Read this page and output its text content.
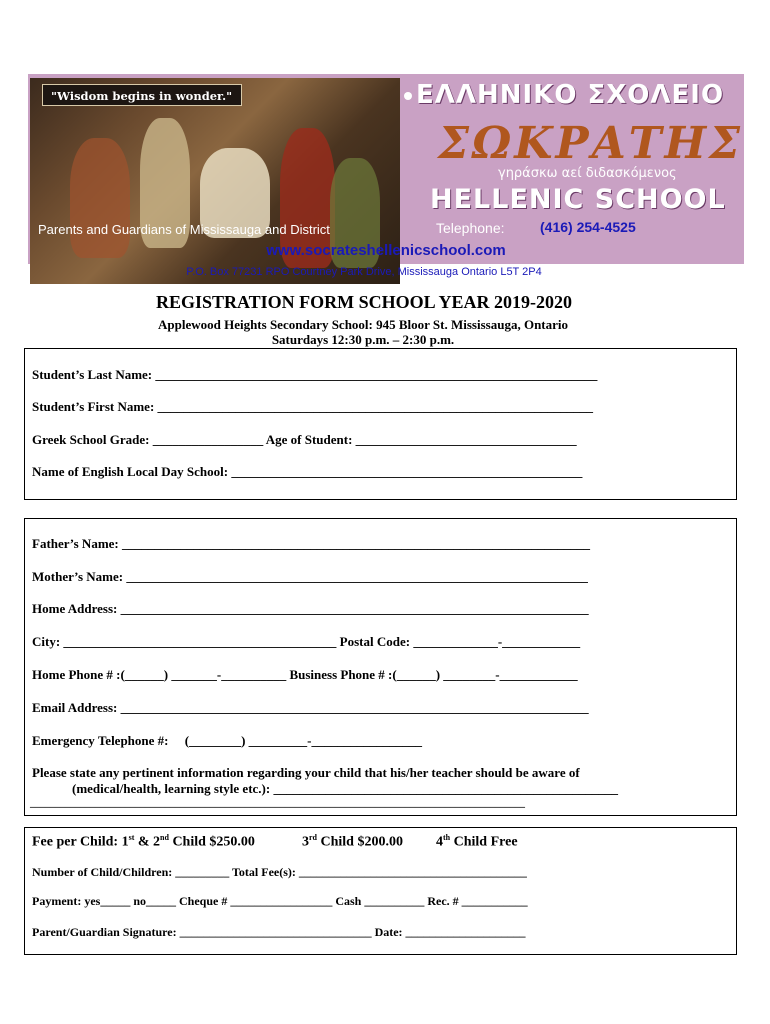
"Wisdom begins in wonder."	ΕΛΛΗΝΙΚΟ ΣΧΟΛΕΙΟ
ΣΩΚΡΑΤΗΣ
γηράσκω αεί διδασκόμενος
HELLENIC SCHOOL
Parents and Guardians of Mississauga and District	Telephone:	(416) 254-4525
www.socrateshellenicschool.com
P.O. Box 77231 RPO Courtney Park Drive, Mississauga Ontario L5T 2P4
REGISTRATION FORM SCHOOL YEAR 2019-2020
Applewood Heights Secondary School: 945 Bloor St. Mississauga, Ontario
Saturdays 12:30 p.m. – 2:30 p.m.
Student’s Last Name: ____________________________________________________________________
Student’s First Name: ___________________________________________________________________
Greek School Grade: _________________ Age of Student: __________________________________
Name of English Local Day School: ______________________________________________________
Father’s Name: ________________________________________________________________________
Mother’s Name: _______________________________________________________________________
Home Address: ________________________________________________________________________
City: __________________________________________ Postal Code: _____________-____________
Home Phone # :(______) _______-__________ Business Phone # :(______) ________-____________
Email Address: ________________________________________________________________________
Emergency Telephone #:     (________) _________-_________________
Please state any pertinent information regarding your child that his/her teacher should be aware of
(medical/health, learning style etc.): _____________________________________________________
___________________________________________________________________________________________________
Fee per Child: 1st & 2nd Child $250.00	3rd Child $200.00 4th Child Free
Number of Child/Children: _________ Total Fee(s): ______________________________________
Payment: yes_____ no_____ Cheque # _________________ Cash __________ Rec. # ___________
Parent/Guardian Signature: ________________________________ Date: ____________________
